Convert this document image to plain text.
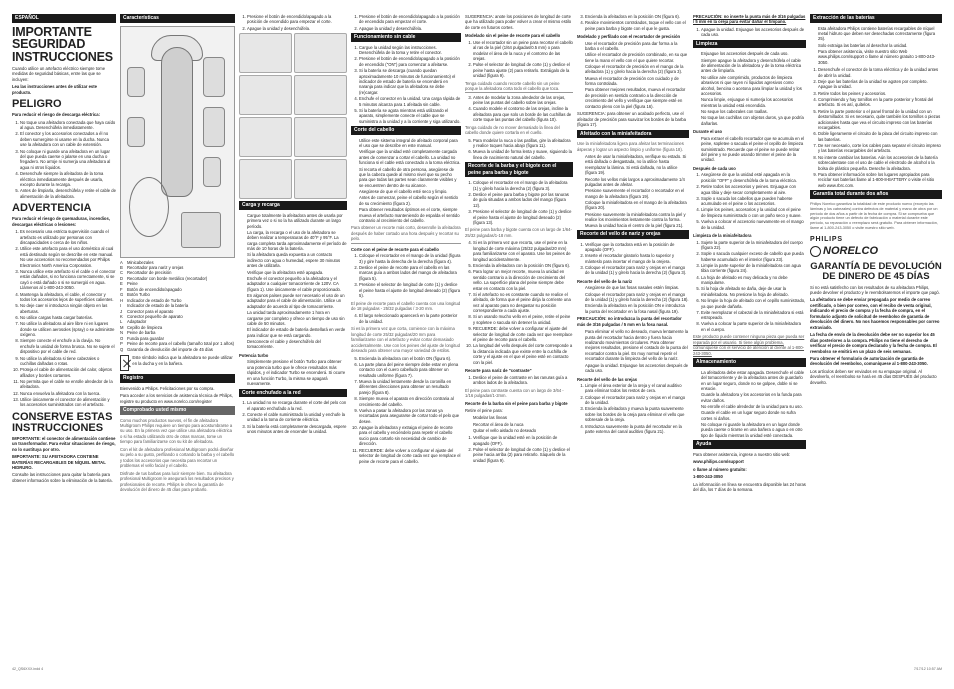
ESPAÑOL
IMPORTANTE SEGURIDAD INSTRUCCIONES

Cuando utilice un artefacto eléctrico siempre tome medidas de seguridad básicas, entre las que se incluyen:

Lea las instrucciones antes de utilizar este producto.

PELIGRO

Para reducir el riesgo de descarga eléctrica:

1. No toque una afeitadora conectada que haya caído al agua. Desenchúfela inmediatamente.
2. El conector y los accesorios conectados a él no deben sumergirse ni usarse en la ducha. Nunca use la afeitadora con un cable de extensión.
3. No coloque ni guarde una afeitadora en un lugar del que pueda caerse o jalarse en una ducha o fregadero. No arroje ni sumerja una afeitadora al agua ni otros líquidos.
4. Desenchufe siempre la afeitadora de la toma eléctrica inmediatamente después de usarla, excepto durante la recarga.
5. Antes de limpiarla, desenchúfela y retire el cable de alimentación de la afeitadora.
ADVERTENCIA

Para reducir el riesgo de quemaduras, incendios, descargas eléctricas o lesiones:

1. Es necesario una estricta supervisión cuando el artefacto es utilizado por personas con discapacidades o cerca de los niños.
2. Utilice este artefacto para el uso doméstico al cual está destinado según se describe en este manual. No use accesorios no recomendados por Philips Electronics North America Corporation.
3. Nunca utilice este artefacto si el cable o el conector están dañados, si no funciona correctamente, si se cayó o está dañado o si se sumergió en agua. Llámenos al 1-800-243-3050.
4. Mantenga la afeitadora, el cable, el conector y todos los accesorios lejos de superficies calientes.
5. No deje caer ni introduzca ningún objeto en las aberturas.
6. No utilice cargas hasta cargar baterías.
7. No utilice la afeitadora al aire libre ni en lugares donde se utilicen aerosoles (spray) o se administre oxígeno.
8. Siempre conecte el enchufe a la clavija. No enchufe la unidad de forma brusca. No se sujete el dispositivo por el cable de red.
9. No utilice la afeitadora si tiene cabezales o cuchillas dañadas o rotas.
10. Proteja el cable de alimentación del calor, objetos afilados y bordes cortantes.
11. No permita que el cable se enrolle alrededor de la afeitadora.
12. Nunca envuelva la afeitadora con la tuerca.
13. Utilice únicamente el conector de alimentación y los accesorios suministrados con el artefacto.
CONSERVE ESTAS INSTRUCCIONES

IMPORTANTE: el conector de alimentación contiene un transformador. Para evitar situaciones de riesgo, no lo sustituya por otro.

IMPORTANTE: SU AFEITADORA CONTIENE BATERÍAS RECARGABLES DE NÍQUEL METAL HIDRURO.

Consulte las instrucciones para quitar la batería para obtener información sobre la eliminación de la batería.

42_QS6XXX.indd 4
Características
A	Minicabezales
B	Recortador para nariz y orejas
C Recortador de precisión
D Recortador con borde metálico (recortador)
E	Peine
F	Botón de encendido/apagado
G Botón Turbo
H Indicador de estado de Turbo
I	Indicador de estado de la batería
J	Conector para el aparato
K	Conector pequeño de aparato
L	Adaptador
M Cepillo de limpieza
N Peine de barba
O Funda para guardar
P	Peine de recorte para el cabello (tamaño total por 1 años)
Q Garantía de devolución del importe de 45 días

Este símbolo indica que la afeitadora se puede utilizar en la ducha y en la bañera.

Registro

Bienvenido a Philips. Felicitaciones por su compra.

Para acceder a los servicios de asistencia técnica de Philips, registre su producto en www.norelco.com/register

Comprobado usted mismo

Como muchos productos nuevos, el fin de afeitadora Multigroom Philips requiere un tiempo para acostumbrarse a su uso. En la primera vez que utilice una afeitadora eléctrica o si ha estado utilizando otro de otras marcas, tome un tiempo para familiarizarse con su kit de afeitadora.

Con el kit de afeitadora profesional Multigroom podrá diseñar su pelo a su gusto, perfilando o cortando la barba y el cabello y todos los accesorios que necesita para recortar un problemas el vello facial y el cabello.

Disfrute de tus barbas para lucir siempre bien. Su afeitadora profesional Multigroom le asegurará los resultados precisos y profesionales de recorte. Philips le ofrece la garantía de devolución del dinero de 45 días para probarlo.

1. Presione el botón de encendido/apagado a la posición de encendido para empezar el corte.
2. Apague la unidad y desenchúfela.
Carga y recarga
▪ Cargue totalmente la afeitadora antes de usarla por primera vez o si no la ha utilizado durante un largo período.
▪ La carga, la recarga o el uso de la afeitadora se deben realizar a temperaturas de 40°F y 95°F. La carga completa tarda aproximadamente el período de más de 10 horas de la batería.
▪ Si la afeitadora queda expuesta a un contacto indirecto con agua o humedad, espere 30 minutos antes de utilizarla.
▪ Verifique que la afeitadora esté apagada.
▪ Enchufe el conector pequeño a la afeitadora y el adaptador a cualquier tomacorriente de 120V. CA (figura 1). Use únicamente el cable proporcionado.
▪ En algunos países puede ser necesario el uso de un adaptador para el cable de alimentación. Utilice un adaptador de acuerdo al tipo de tomacorriente.
▪ La unidad tarda aproximadamente 1 hora en cargarse por completo y ofrece un tiempo de uso sin cable de 50 minutos.
▪ El indicador de estado de batería destellará en verde para indicar que se está cargando.
▪ Desconecte el cable y desenchúfelo del tomacorriente.
Potencia turbo
▪ Simplemente presione el botón Turbo para obtener una potencia turbo que le ofrece resultados más rápidos, y el indicador Turbo se encenderá. Si ocurre en una función Turbo, la misma se apagará nuevamente.
Corte enchufado a la red
1. La unidad no se recarga durante el corte del pelo con el aparato enchufado a la red.
2. Conecte el cable suministrado la unidad y enchufe la unidad a la toma de corriente eléctrica.
3. Si la batería está completamente descargada, espere unos minutos antes de encender la unidad.
1. Presione el botón de encendido/apagado a la posición de encendido para empezar el corte.
2. Apague la unidad y desenchúfela.
Funcionamiento sin cable
1. Cargue la unidad según las instrucciones. Desenchúfela de la toma y retire el conector.
2. Presione el botón de encendido/apagado a la posición de encendido ("ON") para comenzar a afeitarse.
3. Si la batería se descarga (cuando quedan aproximadamente 10 minutos de funcionamiento) el indicador de estado de batería se encenderá en naranja para indicar que la afeitadora se debe (re)cargar.
4. Enchufe el conector en la unidad. Una carga rápida de 5 minutos alcanza para 1 afeitada sin cable.
5. Si la batería se agota mientras está utilizando el aparato, simplemente conecte el cable que se suministra a la unidad y a la corriente y siga utilizando.
Corte del cabello
▪ Utilice este sistema integral de afeitado corporal para el uso que se describe en este manual.
▪ Verifique que la unidad esté completamente cargada antes de comenzar a cortar el cabello. La unidad no funciona si el cable está conectado a la toma eléctrica.
▪ Si recorta el cabello de otra persona, asegúrese de que la cabeza quede al mismo nivel que su pecho para que todas las partes sean claramente visibles y se encuentren dentro de su alcance.
▪ Asegúrese de que el cabello esté seco y limpio.
▪ Antes de comenzar, peine el cabello según el sentido de su crecimiento (figura 2).
▪ Para obtener resultados óptimos en el corte, siempre mueva el artefacto manteniendo de espalda el sentido contrario al crecimiento del cabello.

Para obtener un recorte más corto, desenrolle la afeitadora después de haber cortado una hora después y recortar su pelo.

Corte con el peine de recorte para el cabello
1. Coloque el recortador en el mango de la unidad (figura 3) y gire hasta la derecha de la derecha (figura 4).
2. Deslice el peine de recorte para el cabello en las marcas guía a ambos lados del mango de afeitadora (figura 5).
3. Presione el selector de longitud de corte (1) y deslice el peine hasta el ajuste de longitud deseado (2) (figura 5).

El peine de recorte para el cabello cuenta con una longitud de 18 pulgadas - 25/32 pulgadas / 3-20 mm.

4. El largo seleccionado aparecerá en la parte posterior de la unidad.

Si es la primera vez que corta, comience con la máxima longitud de corte 25/32 pulgadas/20 mm para familiarizarse con el artefacto y evitar cortar demasiado accidentalmente. Use con los peines del ajuste de longitud deseado para obtener una mayor variedad de estilos.

5. Encienda la afeitadora con el botón ON (figura 6).
6. La parte plana del peine siempre debe estar en plena contacto con el cuero cabelludo para obtener un resultado uniforme (figura 7).
7. Mueva la unidad lentamente desde la coronilla en diferentes direcciones para obtener un resultado parejo (figura 8).
8. Siempre mueva el aparato en dirección contraria al crecimiento del cabello.
9. Vuelva a pasar la afeitadora por las zonas ya recortadas para asegurarse de cortar todo el pelo que desee.
10. Apague la afeitadora y extraiga el peine de recorte para el cabello y enciéndelo para repetir el cabello sucio para cortarlo sin necesidad de cambio de dirección.
11. RECUERDE: debe volver a configurar el ajuste del selector de longitud de corte cada vez que remplace el peine de recorte para el cabello.

SUGERENCIA: anote los posiciones de longitud de corte que ha utilizado para poder volver a crear el mismo estilo de corte en futuros cortes.

Modelado sin el peine de recorte para el cabello
1. Use el recortador sin un peine para recortar el cabello al ras de la piel (1/64 pulgadas/0.5 mm) o para modelar el área de la nuca y el contorno de las orejas.
2. Pulse el selector de longitud de corte (1) y deslice el peine hasta ajuste (2) para retirarlo. Extráigalo de la unidad (figura 9).

Tenga cuidado cuando recorte cabello sin un peine porque la afeitadora corta todo el cabello que toca.

3. Antes de modelar la zona alrededor de las orejas, peine las puntas del cabello sobre las orejas.
4. Cuando modele el contorno de las orejas, incline la afeitadora para que solo un borde de las cuchillas de corte toque las puntas del cabello (figura 10).

Tenga cuidado de no mover demasiado la línea del cabello donde quiere cortarla en el cuello.

5. Para modelar la nuca o las patillas, gire la afeitadora y realice toques hacia abajo (figura 11).
6. Mueva la unidad de forma lenta y suave, siguiendo la línea de nacimiento natural del cabello.
Recorte de la barba y el bigote con el peine para barba y bigote
1. Coloque el recortador en el mango de la afeitadora (1) y gírelo hacia la derecha (2) (figura 3).
2. Deslice el peine para barba y bigote por las ranuras de guía situadas a ambos lados del mango (figura 12).
3. Presione el selector de longitud de corte (1) y deslice el peine hasta el ajuste de longitud deseado (2) (figura 13).

El peine para barba y bigote cuenta con un largo de 1/64-25/32 pulgadas/1-18 mm.

4. Si es la primera vez que recorta, use el peine en la longitud de corte máxima (25/32 pulgadas/20 mm) para familiarizarse con el aparato. Use los peines de longitud accidentalmente.
5. Encienda la afeitadora con la posición ON (figura 6).
6. Para lograr un mejor recorte, mueva la unidad en sentido contrario a la dirección de crecimiento del vello. La superficie plana del peine siempre debe estar en contacto con la piel.
7. Si el artefacto no es constante cuando se realice el afeitado, de forma que el peine dirija la corriente una vez al aparato para no desgastar su posición correspondiente a cada ajuste.
8. Si un usando mucho vello en el peine, retire el peine y sopletee o sacuda sin detener la unidad.
9. RECUERDE: debe volver a configurar el ajuste del selector de longitud de corte cada vez que reemplace el peine de recorte para el cabello.
10. La longitud del vello después del corte corresponde a la distancia indicada que existe entre la cuchilla de corte y el ajuste en el que el peine esté en contacto con la piel.
Recorte para nariz de "contraste"
1. Deslice el peine de contraste en las ranuras guía a ambos lados de la afeitadora.

El peine para contraste cuenta con un largo de 3/64 - 1/16 pulgadas/1-2mm.

Recorte de la barba sin el peine para barba y bigote

Retire el peine para:

▪ Modelar las líneas
▪ Recortar el área de la nuca
▪ Quitar el vello aislado no deseado
1. Verifique que la unidad esté en la posición de apagado (OFF).
2. Pulse el selector de longitud de corte (1) y deslice el peine hacia arriba (2) para retirarlo. Sáquelo de la unidad (figura 9).
3. Encienda la afeitadora en la posición ON (figura 6).
4. Realice movimientos controlados, toque el vello con el peine para barba y bigote con el que le gusta.
Modelado y perfilado con el recortador de precisión
▪ Use el recortador de precisión para dar forma a la barba o el cabello.
▪ Utilice el recortador de precisión combinado, en su que tiene la mano el vello con el que quiere recortar.
▪ Coloque el recortador de precisión en el mango de la afeitadora (1) y gírelo hacia la derecha (2) (figura 3).
▪ Mueva el recortador de precisión con cuidado y de forma controlada.
▪ Para obtener mejores resultados, mueva el recortador de precisión en sentido contrario a la dirección de crecimiento del vello y verifique que siempre esté en contacto pleno con la piel (figura 16).

SUGERENCIA: para obtener un acabado perfecto, use el afeitador de precisión para suavizar los bordes de la barba (figura 17).

Afeitado con la miniafeitadora

Use la miniafeitadora ligera para afeitar las terminaciones ásperas y lograr un aspecto limpio y uniforme (figura 18).

▪ Antes de usar la miniafeitadora, verifique su estado. Si está dañada o desgastada, no la utilice hasta reemplazar la lámina. Si está dañada, no la utilice (figura 19).
▪ Recorte los vellos más largos a aproximadamente 1/4 pulgadas antes de afeitar.
▪ Presione suavemente el recortador o recortador en el mango de la afeitadora (figura 19).
▪ Coloque la miniafeitadora en el mango de la afeitadora (figura 20).
▪ Presione suavemente la miniafeitadora contra la piel y realice los movimientos lentamente contra la forma. Mueva la unidad hacia el centro de la piel (figura 21).
Recorte del vello de nariz y orejas
1. Verifique que la cortadora está en la posición de apagado (OFF).
2. Inserte el recortador giratorio hasta lo superior y mánteslo para incertar el mango de la orejera.
3. Coloque el recortador para nariz y orejas en el mango de la unidad (1) y gírelo hacia la derecha (2) (figura 3).
Recorte del vello de la nariz
▪ Asegúrese de que las fosas nasales estén limpias.
▪ Coloque el recortador para nariz y orejas en el mango de la unidad (1) y gírelo hacia la derecha (2) (figura 18).
▪ Encienda la afeitadora en la posición ON e introduzca la punta del recortador en la fosa nasal (figura 19).

PRECAUCIÓN: no introduzca la punta del recortador más de 3/16 pulgadas / 5 mm en la fosa nasal.

▪ Para eliminar el vello no deseado, mueva lentamente la punta del recortador hacia dentro y fuera hacia realizando movimientos circulares. Para obtener mejores resultados, presione el costado de la punta del recortador contra la piel. Es muy normal repetir el recortador durante la limpieza del vello de la nariz.
▪ Apague la unidad. Enjuague los accesorios después de cada uso.
Recorte del vello de las orejas
1. Limpie el área exterior de la oreja y el canal auditivo para eliminar todos los restos de cera.
2. Coloque el recortador para nariz y orejas en el mango de la unidad.
3. Encienda la afeitadora y mueva la punta suavemente sobre los bordes de la oreja para eliminar el vello que sobresale de la oreja.
4. Introduzca suavemente la punta del recortador en la parte externa del canal auditivo (figura 21).

PRECAUCIÓN: no inserte la punta más de 3/16 pulgadas / 5 mm en la oreja para evitar dañar el tímpano.

1. Apague la unidad. Enjuague los accesorios después de cada uso.
Limpieza
▪ Enjuague los accesorios después de cada uso.
▪ Siempre apague la afeitadora y desenchúfela el cable de alimentación de la afeitadora y de la toma eléctrica antes de limpiarla.
▪ No utilice aire comprimido, productos de limpieza abrasivos ni que rayen ni líquidos agresivos como alcohol, bencina o acetona para limpiar la unidad y los accesorios.
▪ Nunca limpie, enjuague ni sumerja los accesorios mientras la unidad está encendida.
▪ No seque los cabezales con toallas.
▪ No toque las cuchillas con objetos duros, ya que podría dañarlas.
Durante el uso
▪ Para extraer el cabello recortador que se acumula en el peine, sopletee o sacuda el peine el cepillo de limpieza suministrado. Recuerde que el peine se puede retirar del peine y se puede usando trimmer el peine de la unidad.
Después de cada uso
1. Asegúrese de que la unidad esté apagada en la posición "OFF" y desenchúfela de la toma eléctrica.
2. Retire todos los accesorios y peines. Enjuague con agua tibia y deje secar completamente al aire.
3. Sople o sacuda los cabellos que pueden haberse acumulado en el peine o los accesorios.
4. Limpie los peines, accesorios y la unidad con el peine de limpieza suministrado o con un paño seco y suave.
5. Vuelva a colocar el accesorio nuevamente en el mango de la unidad.
Limpieza de la miniafeitadora
1. Sujete la parte superior de la miniafeitadora del cuerpo (figura 22).
2. Sople o sacuda cualquier exceso de cabello que pueda haberse acumulado en el interior (figura 23).
3. Limpie la parte superior de la miniafeitadora con agua tibia corriente (figura 24).
4. La hoja de afeitado es muy delicada y no debe manipularse.
5. Si la hoja de afeitado se daña, deje de usar la miniafeitadora. No presione la hoja de afeitado.
6. No limpie la hoja de afeitado con el cepillo suministrado, ya que puede dañarla.
7. Evite reemplazar el cabezal de la miniafeitadora si está estropeado.
8. Vuelva a colocar la parte superior de la miniafeitadora en el cuerpo.

Este producto puede contener ninguna pieza que pueda ser reparada por el usuario. Si tiene algún problema, comuníquese con el servicio de atención al cliente al 1-800-243-3050.

Almacenamiento
▪ La afeitadora debe estar apagada. Desenchufe el cable del tomacorriente y de la afeitadora antes de guardarlo en un lugar seguro, donde no se golpee, doble ni se ensucie.
▪ Guarde la afeitadora y los accesorios en la funda para evitar daños.
▪ No enrolle el cable alrededor de la unidad para su uso.
▪ Guarde el cable en un lugar seguro donde no sufra cortes ni daños.
▪ No coloque ni guarde la afeitadora en un lugar donde pueda caerse o tirarse en una bañera o agua o en otro tipo de líquido mientras la unidad esté conectada.
Ayuda

Para obtener asistencia, ingrese a nuestro sitio web:

www.philips.com/support

o llame al número gratuito:

1-800-243-3050

La información en línea se encuentra disponible las 24 horas del día, los 7 días de la semana.

Extracción de las baterías
▪ Esta afeitadora Philips contiene baterías recargables de níquel metal hidruro que deben ser desechadas correctamente (figura 25).
▪ Solo extraiga las baterías al desechar la unidad.
▪ Para obtener asistencia, visite nuestro sitio Web www.philips.com/support o llame al número gratuito 1-800-243-3050.
1. Desenchufe el conector de la toma eléctrica y de la unidad antes de abrir la unidad.
2. Deje que las baterías de la unidad se agoten por completo. Apague la unidad.
3. Retire todos los peines y accesorios.
4. Comprimiendo y hay tornillos en la parte posterior y frontal del artefacto. Si es así, quítelos.
5. Retire la parte posterior o el panel frontal de la unidad con un destornillador. Si es necesario, quite también los tornillos o piezas adicionales hasta que vea el circuito impreso con las baterías recargables.
6. Doble ligeramente el circuito de la placa del circuito impreso con las baterías.
7. De ser necesario, corte los cables para separar el circuito impreso y las baterías recargables del artefacto.
8. No intente cambiar las baterías. Aún los accesorios de la batería sobrecalentase con el uso de cable el electrodo de alcohol o la bolsa de plástico pequeña. Deseche la afeitadora.
9. Para obtener información sobre los lugares apropiados para reciclar sus baterías llame al 1-800-8-BATTERY o visite el sitio web www.rbrc.com.
Garantía total durante dos años

Philips Norelco garantiza la totalidad de este producto nuevo (excepto las láminas y los cabezales) contra defectos de material y mano de obra por un período de dos años a partir de la fecha de compra. Si se comprueba que algún producto tiene un defecto de fabricación o material durante este período, su reparación o reemplazo será gratuito. Para obtener información, llame al 1-800-243-3050 o visite nuestro sitio web.

PHILIPS
NORELCO
GARANTÍA DE DEVOLUCIÓN DE DINERO DE 45 DÍAS

Si no está satisfecho con los resultados de su afeitadora Philips, puede devolver el producto y le reembolsaremos el importe que pagó.

La afeitadora se debe enviar prepagada por medio de correo certificado, o bien por correo, con el recibo de venta original, indicando el precio de compra y la fecha de compra, en el formulario adjunto de solicitud de reembolso de garantía de devolución del dinero. No nos hacemos responsables por correo extraviado.

La fecha de envío de la devolución debe ser no superior los 45 días posteriores a la compra. Philips no tiene el derecho de verificar el precio de compra declarado y la fecha de compra. El reembolso se emitirá en un plazo de seis semanas.

Para obtener el formulario de autorización de garantía de devolución del reembolso, comuníquese al 1-800-243-3050.

Los artículos deben ser enviados en su empaque original. Al devolverlo, el reembolso se hará en 45 días DESPUÉS del producto devuelto.

7/17/12 10:57 AM
